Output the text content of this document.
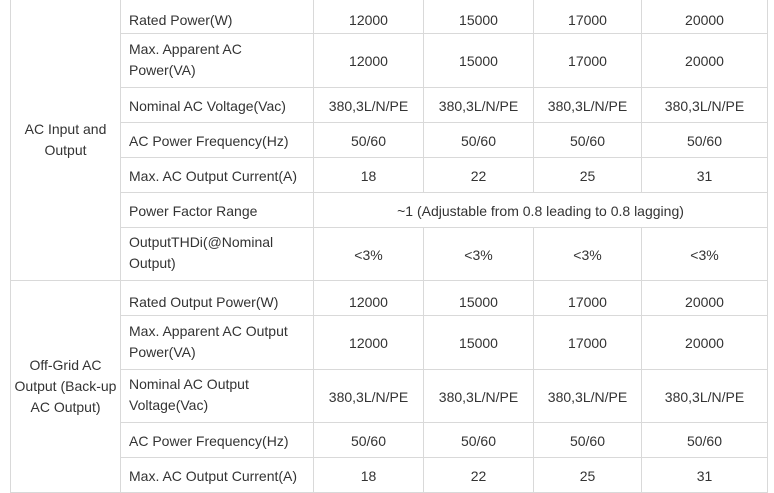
AC Input and Output	Rated Power(W)	12000	15000	17000	20000

	Max. Apparent AC Power(VA)	12000	15000	17000	20000

	Nominal AC Voltage(Vac)	380,3L/N/PE	380,3L/N/PE	380,3L/N/PE	380,3L/N/PE
	AC Power Frequency(Hz)	50/60	50/60	50/60	50/60
	Max. AC Output Current(A)	18	22	25	31
	Power Factor Range	~1 (Adjustable from 0.8 leading to 0.8 lagging)			

	OutputTHDi(@Nominal Output)	<3%	<3%	<3%	<3%

Off-Grid AC Output (Back-up AC Output)	Rated Output Power(W)	12000	15000	17000	20000

	Max. Apparent AC Output Power(VA)	12000	15000	17000	20000

	Nominal AC Output Voltage(Vac)	380,3L/N/PE	380,3L/N/PE	380,3L/N/PE	380,3L/N/PE

	AC Power Frequency(Hz)	50/60	50/60	50/60	50/60
	Max. AC Output Current(A)	18	22	25	31
